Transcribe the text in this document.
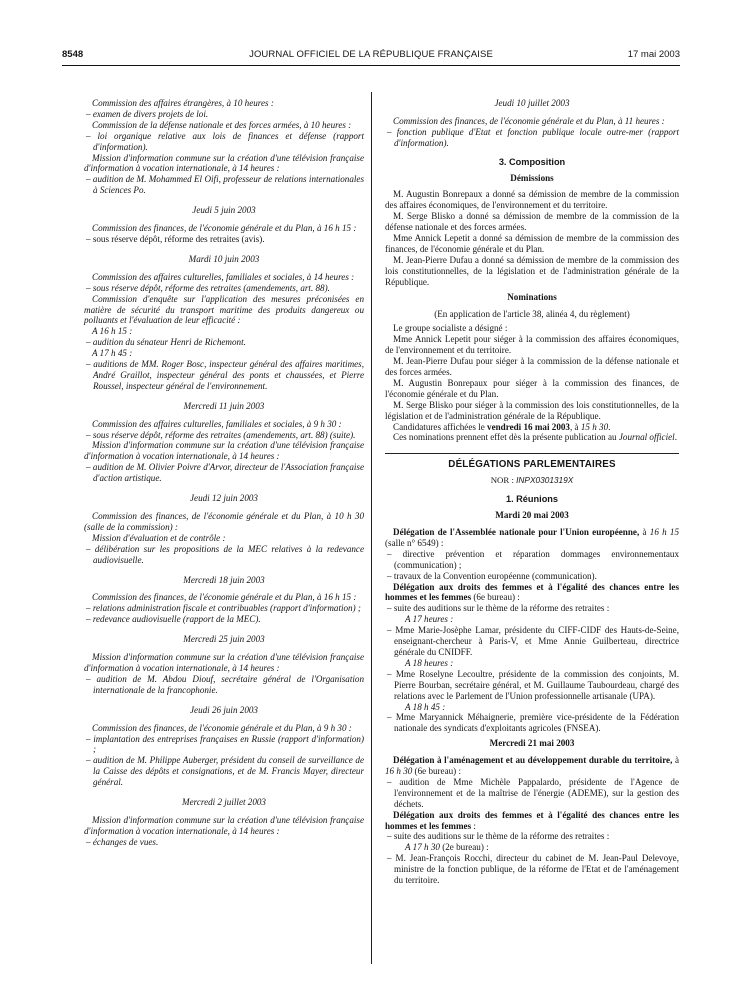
8548	JOURNAL OFFICIEL DE LA RÉPUBLIQUE FRANÇAISE	17 mai 2003

Commission des affaires étrangères, à 10 heures :

– examen de divers projets de loi.

Commission de la défense nationale et des forces armées, à 10 heures :

– loi organique relative aux lois de finances et défense (rapport d'information).

Mission d'information commune sur la création d'une télévision française d'information à vocation internationale, à 14 heures :

– audition de M. Mohammed El Oifi, professeur de relations internationales à Sciences Po.

Jeudi 5 juin 2003

Commission des finances, de l'économie générale et du Plan, à 16 h 15 :

– sous réserve dépôt, réforme des retraites (avis).

Mardi 10 juin 2003

Commission des affaires culturelles, familiales et sociales, à 14 heures :

– sous réserve dépôt, réforme des retraites (amendements, art. 88).

Commission d'enquête sur l'application des mesures préconisées en matière de sécurité du transport maritime des produits dangereux ou polluants et l'évaluation de leur efficacité :

A 16 h 15 :

– audition du sénateur Henri de Richemont.

A 17 h 45 :

– auditions de MM. Roger Bosc, inspecteur général des affaires maritimes, André Graillot, inspecteur général des ponts et chaussées, et Pierre Roussel, inspecteur général de l'environnement.

Mercredi 11 juin 2003

Commission des affaires culturelles, familiales et sociales, à 9 h 30 :

– sous réserve dépôt, réforme des retraites (amendements, art. 88) (suite).

Mission d'information commune sur la création d'une télévision française d'information à vocation internationale, à 14 heures :

– audition de M. Olivier Poivre d'Arvor, directeur de l'Association française d'action artistique.

Jeudi 12 juin 2003

Commission des finances, de l'économie générale et du Plan, à 10 h 30 (salle de la commission) :

Mission d'évaluation et de contrôle :

– délibération sur les propositions de la MEC relatives à la redevance audiovisuelle.

Mercredi 18 juin 2003

Commission des finances, de l'économie générale et du Plan, à 16 h 15 :

– relations administration fiscale et contribuables (rapport d'information) ;

– redevance audiovisuelle (rapport de la MEC).

Mercredi 25 juin 2003

Mission d'information commune sur la création d'une télévision française d'information à vocation internationale, à 14 heures :

– audition de M. Abdou Diouf, secrétaire général de l'Organisation internationale de la francophonie.

Jeudi 26 juin 2003

Commission des finances, de l'économie générale et du Plan, à 9 h 30 :

– implantation des entreprises françaises en Russie (rapport d'information) ;

– audition de M. Philippe Auberger, président du conseil de surveillance de la Caisse des dépôts et consignations, et de M. Francis Mayer, directeur général.

Mercredi 2 juillet 2003

Mission d'information commune sur la création d'une télévision française d'information à vocation internationale, à 14 heures :

– échanges de vues.

Jeudi 10 juillet 2003

Commission des finances, de l'économie générale et du Plan, à 11 heures :

– fonction publique d'Etat et fonction publique locale outre-mer (rapport d'information).

3. Composition

Démissions

M. Augustin Bonrepaux a donné sa démission de membre de la commission des affaires économiques, de l'environnement et du territoire.

M. Serge Blisko a donné sa démission de membre de la commission de la défense nationale et des forces armées.

Mme Annick Lepetit a donné sa démission de membre de la commission des finances, de l'économie générale et du Plan.

M. Jean-Pierre Dufau a donné sa démission de membre de la commission des lois constitutionnelles, de la législation et de l'administration générale de la République.

Nominations

(En application de l'article 38, alinéa 4, du règlement)

Le groupe socialiste a désigné :

Mme Annick Lepetit pour siéger à la commission des affaires économiques, de l'environnement et du territoire.

M. Jean-Pierre Dufau pour siéger à la commission de la défense nationale et des forces armées.

M. Augustin Bonrepaux pour siéger à la commission des finances, de l'économie générale et du Plan.

M. Serge Blisko pour siéger à la commission des lois constitutionnelles, de la législation et de l'administration générale de la République.

Candidatures affichées le vendredi 16 mai 2003, à 15 h 30.

Ces nominations prennent effet dès la présente publication au Journal officiel.

DÉLÉGATIONS PARLEMENTAIRES

NOR : INPX0301319X

1. Réunions

Mardi 20 mai 2003

Délégation de l'Assemblée nationale pour l'Union européenne, à 16 h 15 (salle n° 6549) :

– directive prévention et réparation dommages environnementaux (communication) ;

– travaux de la Convention européenne (communication).

Délégation aux droits des femmes et à l'égalité des chances entre les hommes et les femmes (6e bureau) :

– suite des auditions sur le thème de la réforme des retraites :

A 17 heures :

– Mme Marie-Josèphe Lamar, présidente du CIFF-CIDF des Hauts-de-Seine, enseignant-chercheur à Paris-V, et Mme Annie Guilberteau, directrice générale du CNIDFF.

A 18 heures :

– Mme Roselyne Lecoultre, présidente de la commission des conjoints, M. Pierre Bourban, secrétaire général, et M. Guillaume Taubourdeau, chargé des relations avec le Parlement de l'Union professionnelle artisanale (UPA).

A 18 h 45 :

– Mme Maryannick Méhaignerie, première vice-présidente de la Fédération nationale des syndicats d'exploitants agricoles (FNSEA).

Mercredi 21 mai 2003

Délégation à l'aménagement et au développement durable du territoire, à 16 h 30 (6e bureau) :

– audition de Mme Michèle Pappalardo, présidente de l'Agence de l'environnement et de la maîtrise de l'énergie (ADEME), sur la gestion des déchets.

Délégation aux droits des femmes et à l'égalité des chances entre les hommes et les femmes :

– suite des auditions sur le thème de la réforme des retraites :

A 17 h 30 (2e bureau) :

– M. Jean-François Rocchi, directeur du cabinet de M. Jean-Paul Delevoye, ministre de la fonction publique, de la réforme de l'Etat et de l'aménagement du territoire.
